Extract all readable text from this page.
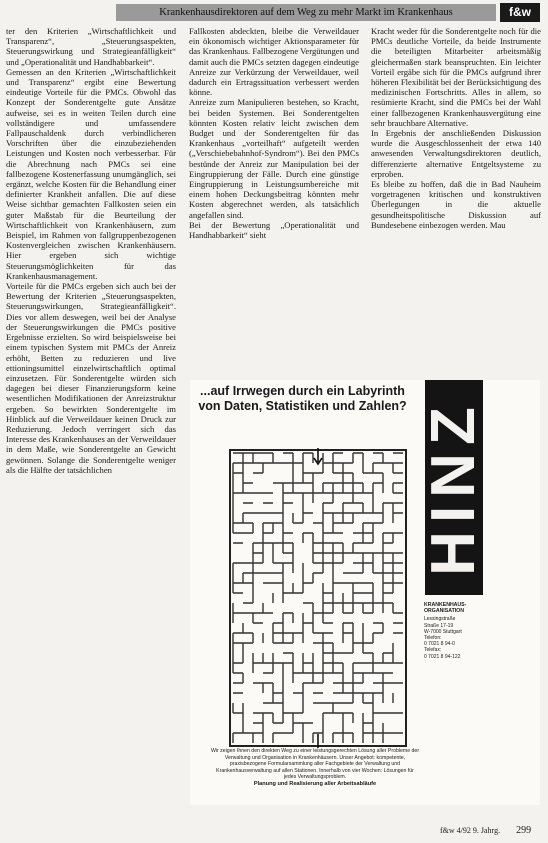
Krankenhausdirektoren auf dem Weg zu mehr Markt im Krankenhaus	f&w

ter den Kriterien „Wirtschaftlichkeit und Transparenz“, „Steuerungsaspekten, Steuerungswirkung und Strategieanfälligkeit“ und „Operationalität und Handhabbarkeit“.

Gemessen an den Kriterien „Wirtschaftlichkeit und Transparenz“ ergibt eine Bewertung eindeutige Vorteile für die PMCs. Obwohl das Konzept der Sonderentgelte gute Ansätze aufweise, sei es in weiten Teilen durch eine vollständigere und umfassendere Fallpauschaldenk durch verbindlicheren Vorschriften über die einzubeziehenden Leistungen und Kosten noch verbesserbar. Für die Abrechnung nach PMCs sei eine fallbezogene Kostenerfassung unumgänglich, sei ergänzt, welche Kosten für die Behandlung einer definierter Krankheit anfallen. Die auf diese Weise sichtbar gemachten Fallkosten seien ein guter Maßstab für die Beurteilung der Wirtschaftlichkeit von Krankenhäusern, zum Beispiel, im Rahmen von fallgruppenbezogenen Kostenvergleichen zwischen Krankenhäusern. Hier ergeben sich wichtige Steuerungsmöglichkeiten für das Krankenhausmanagement.

Vorteile für die PMCs ergeben sich auch bei der Bewertung der Kriterien „Steuerungsaspekten, Steuerungswirkungen, Strategieanfälligkeit“. Dies vor allem deswegen, weil bei der Analyse der Steuerungswirkungen die PMCs positive Ergebnisse erzielten. So wird beispielsweise bei einem typischen System mit PMCs der Anreiz erhöht, Betten zu reduzieren und live ettioningsumittel einzelwirtschaftlich optimal einzusetzen. Für Sonderentgelte würden sich dagegen bei dieser Finanzierungsform keine wesentlichen Modifikationen der Anreizstruktur ergeben. So bewirkten Sonderentgelte im Hinblick auf die Verweildauer keinen Druck zur Reduzierung. Jedoch verringert sich das Interesse des Krankenhauses an der Verweildauer in dem Maße, wie Sonderentgelte an Gewicht gewönnen. Solange die Sonderentgelte weniger als die Hälfte der tatsächlichen

Fallkosten abdeckten, bleibe die Verweildauer ein ökonomisch wichtiger Aktionsparameter für das Krankenhaus. Fallbezogene Vergütungen und damit auch die PMCs setzten dagegen eindeutige Anreize zur Verkürzung der Verweildauer, weil dadurch ein Ertragssituation verbessert werden könne.

Anreize zum Manipulieren bestehen, so Kracht, bei beiden Systemen. Bei Sonderentgelten könnten Kosten relativ leicht zwischen dem Budget und der Sonderentgelten für das Krankenhaus „vorteilhaft“ aufgeteilt werden („Verschiebebahnhof-Syndrom“). Bei den PMCs bestünde der Anreiz zur Manipulation bei der Eingruppierung der Fälle. Durch eine günstige Eingruppierung in Leistungsumbereiche mit einem hohen Deckungsbeitrag könnten mehr Kosten abgerechnet werden, als tatsächlich angefallen sind.

Bei der Bewertung „Operationalität und Handhabbarkeit“ sieht

Kracht weder für die Sonderentgelte noch für die PMCs deutliche Vorteile, da beide Instrumente die beteiligten Mitarbeiter arbeitsmäßig gleichermaßen stark beanspruchten. Ein leichter Vorteil ergäbe sich für die PMCs aufgrund ihrer höheren Flexibilität bei der Berücksichtigung des medizinischen Fortschritts. Alles in allem, so resümierte Kracht, sind die PMCs bei der Wahl einer fallbezogenen Krankenhausvergütung eine sehr brauchbare Alternative.

In Ergebnis der anschließenden Diskussion wurde die Ausgeschlossenheit der etwa 140 anwesenden Verwaltungsdirektoren deutlich, differenzierte alternative Entgeltsysteme zu erproben.

Es bleibe zu hoffen, daß die in Bad Nauheim vorgetragenen kritischen und konstruktiven Überlegungen in die aktuelle gesundheitspolitische Diskussion auf Bundesebene einbezogen werden. Mau

...auf Irrwegen durch ein Labyrinth von Daten, Statistiken und Zahlen?
Wir zeigen Ihnen den direkten Weg zu einer leistungsgerechten Lösung aller Probleme der Verwaltung und Organisation in Krankenhäusern. Unser Angebot: kompetente, praxisbezogene Formularsammlung aller Fachgebiete der Verwaltung und Krankenhausverwaltung auf allen Stationen. Innerhalb von vier Wochen: Lösungen für jedes Verwaltungsproblem.
Planung und Realisierung aller Arbeitsabläufe
HINZ
KRANKENHAUS-ORGANISATION
Lessingstraße
Straße 17-19
W-7000 Stuttgart
Telefon:
0 7021 8 94-0
Telefax:
0 7021 8 94-122
f&w 4/92 9. Jahrg. 299
